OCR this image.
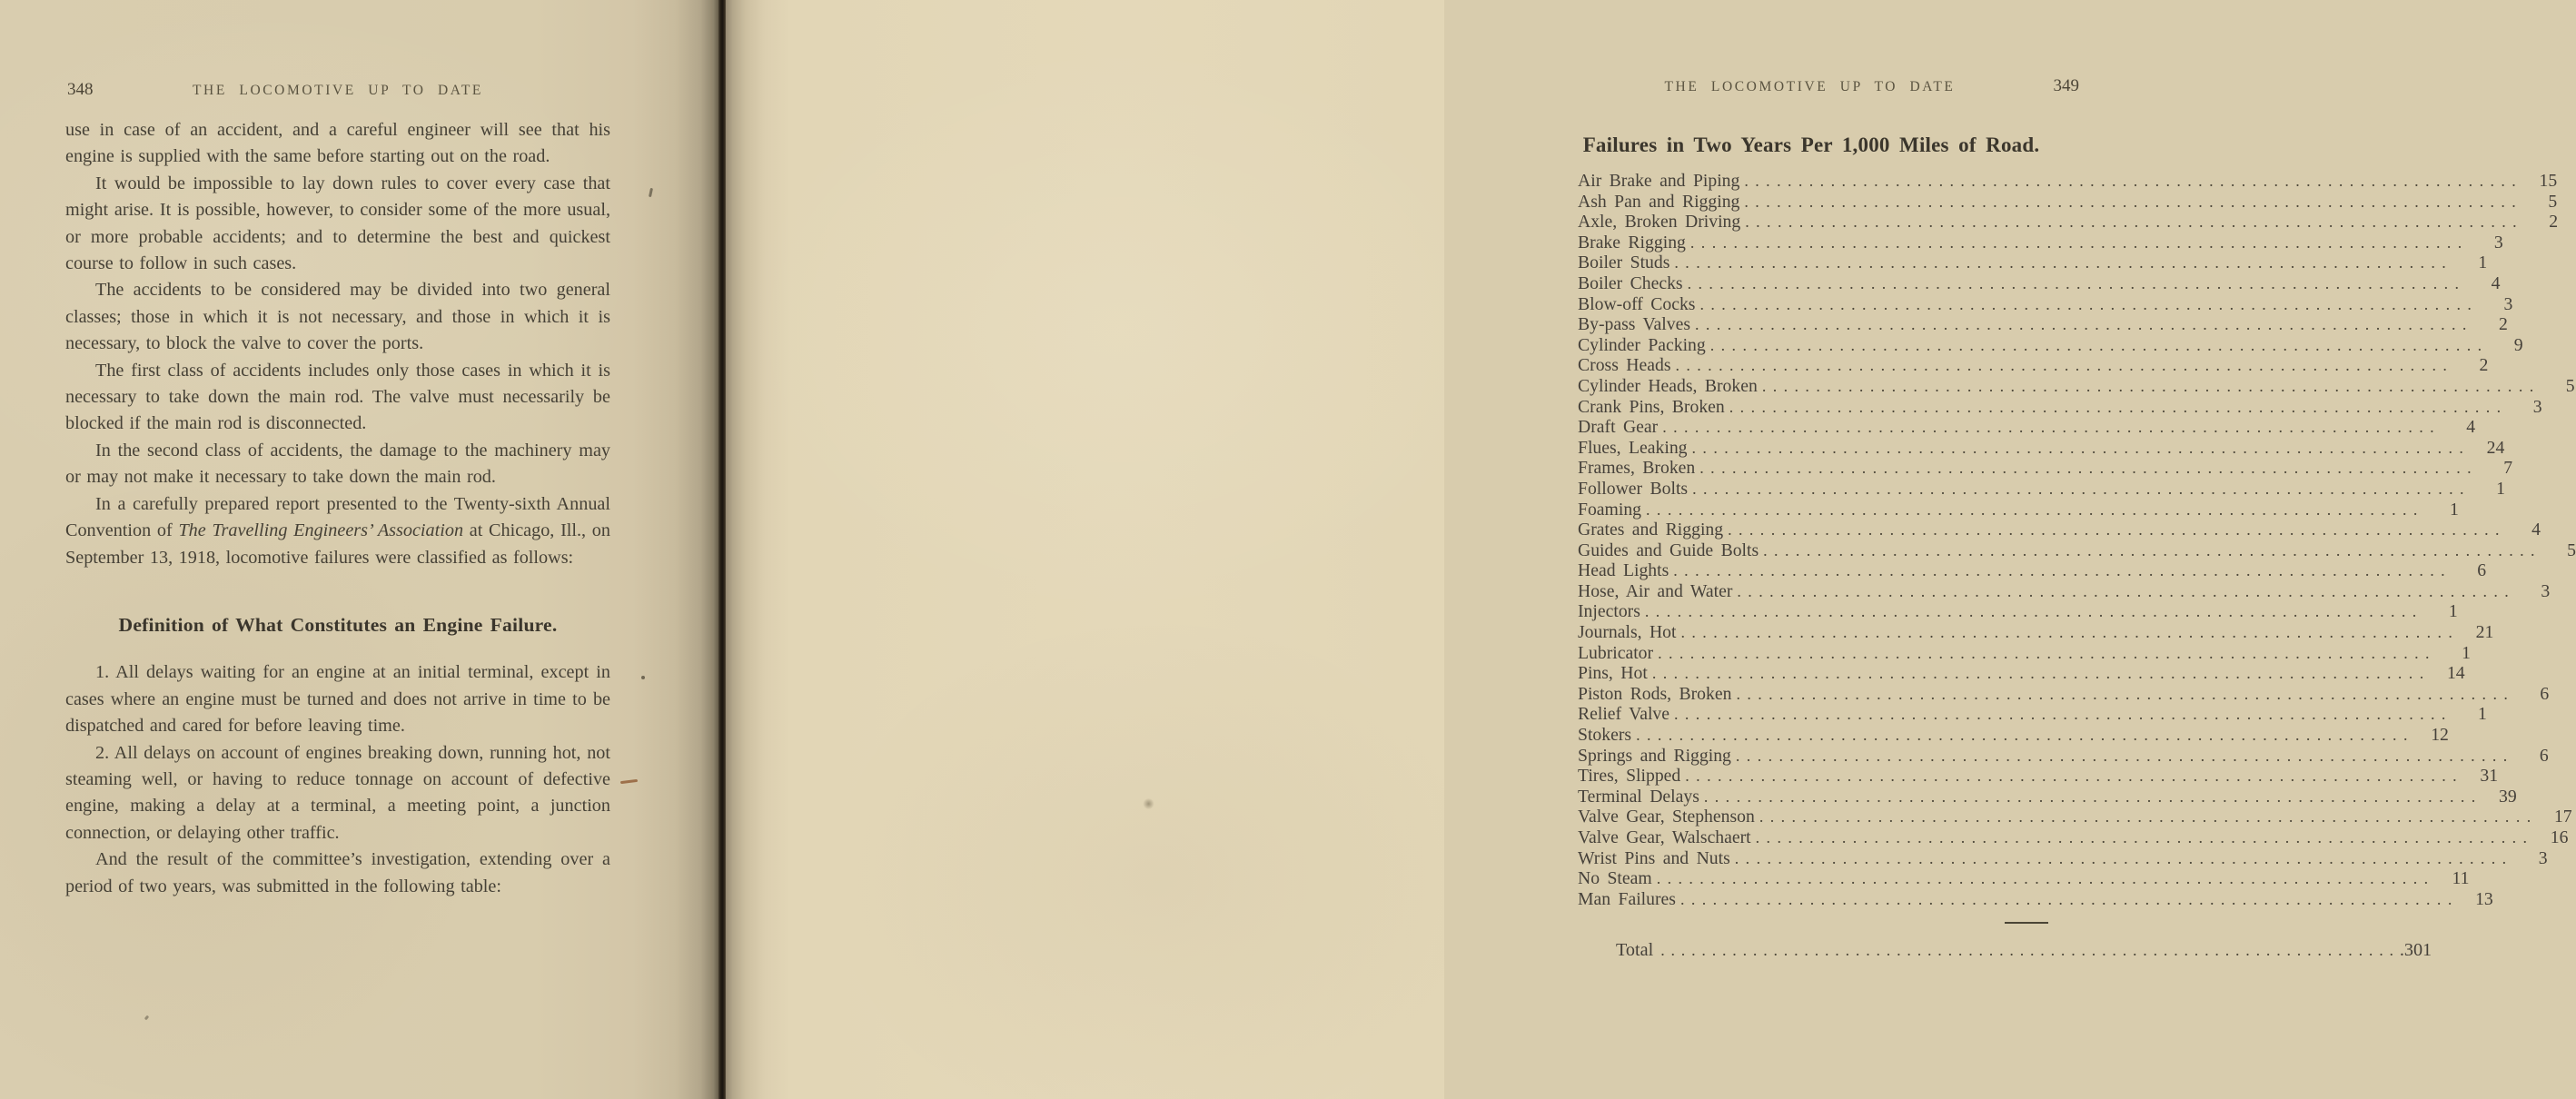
348	THE LOCOMOTIVE UP TO DATE

use in case of an accident, and a careful engineer will see that his engine is supplied with the same before starting out on the road.

It would be impossible to lay down rules to cover every case that might arise. It is possible, however, to consider some of the more usual, or more probable accidents; and to determine the best and quickest course to follow in such cases.

The accidents to be considered may be divided into two general classes; those in which it is not necessary, and those in which it is necessary, to block the valve to cover the ports.

The first class of accidents includes only those cases in which it is necessary to take down the main rod. The valve must necessarily be blocked if the main rod is disconnected.

In the second class of accidents, the damage to the machinery may or may not make it necessary to take down the main rod.

In a carefully prepared report presented to the Twenty-sixth Annual Convention of The Travelling Engineers’ Association at Chicago, Ill., on September 13, 1918, locomotive failures were classified as follows:

Definition of What Constitutes an Engine Failure.

1. All delays waiting for an engine at an initial terminal, except in cases where an engine must be turned and does not arrive in time to be dispatched and cared for before leaving time.

2. All delays on account of engines breaking down, running hot, not steaming well, or having to reduce tonnage on account of defective engine, making a delay at a terminal, a meeting point, a junction connection, or delaying other traffic.

And the result of the committee’s investigation, extending over a period of two years, was submitted in the following table:

THE LOCOMOTIVE UP TO DATE	349
Failures in Two Years Per 1,000 Miles of Road.
Air Brake and Piping .....	15
Ash Pan and Rigging .....	5
Axle, Broken Driving .....	2
Brake Rigging .....	3
Boiler Studs .....	1
Boiler Checks .....	4
Blow-off Cocks .....	3
By-pass Valves .....	2
Cylinder Packing .....	9
Cross Heads .....	2
Cylinder Heads, Broken .....	5
Crank Pins, Broken .....	3
Draft Gear .....	4
Flues, Leaking .....	24
Frames, Broken .....	7
Follower Bolts .....	1
Foaming .....	1
Grates and Rigging .....	4
Guides and Guide Bolts .....	5
Head Lights .....	6
Hose, Air and Water .....	3
Injectors .....	1
Journals, Hot .....	21
Lubricator .....	1
Pins, Hot .....	14
Piston Rods, Broken .....	6
Relief Valve .....	1
Stokers .....	12
Springs and Rigging .....	6
Tires, Slipped .....	31
Terminal Delays .....	39
Valve Gear, Stephenson .....	17
Valve Gear, Walschaert .....	16
Wrist Pins and Nuts .....	3
No Steam .....	11
Man Failures .....	13
Total .....	.301
